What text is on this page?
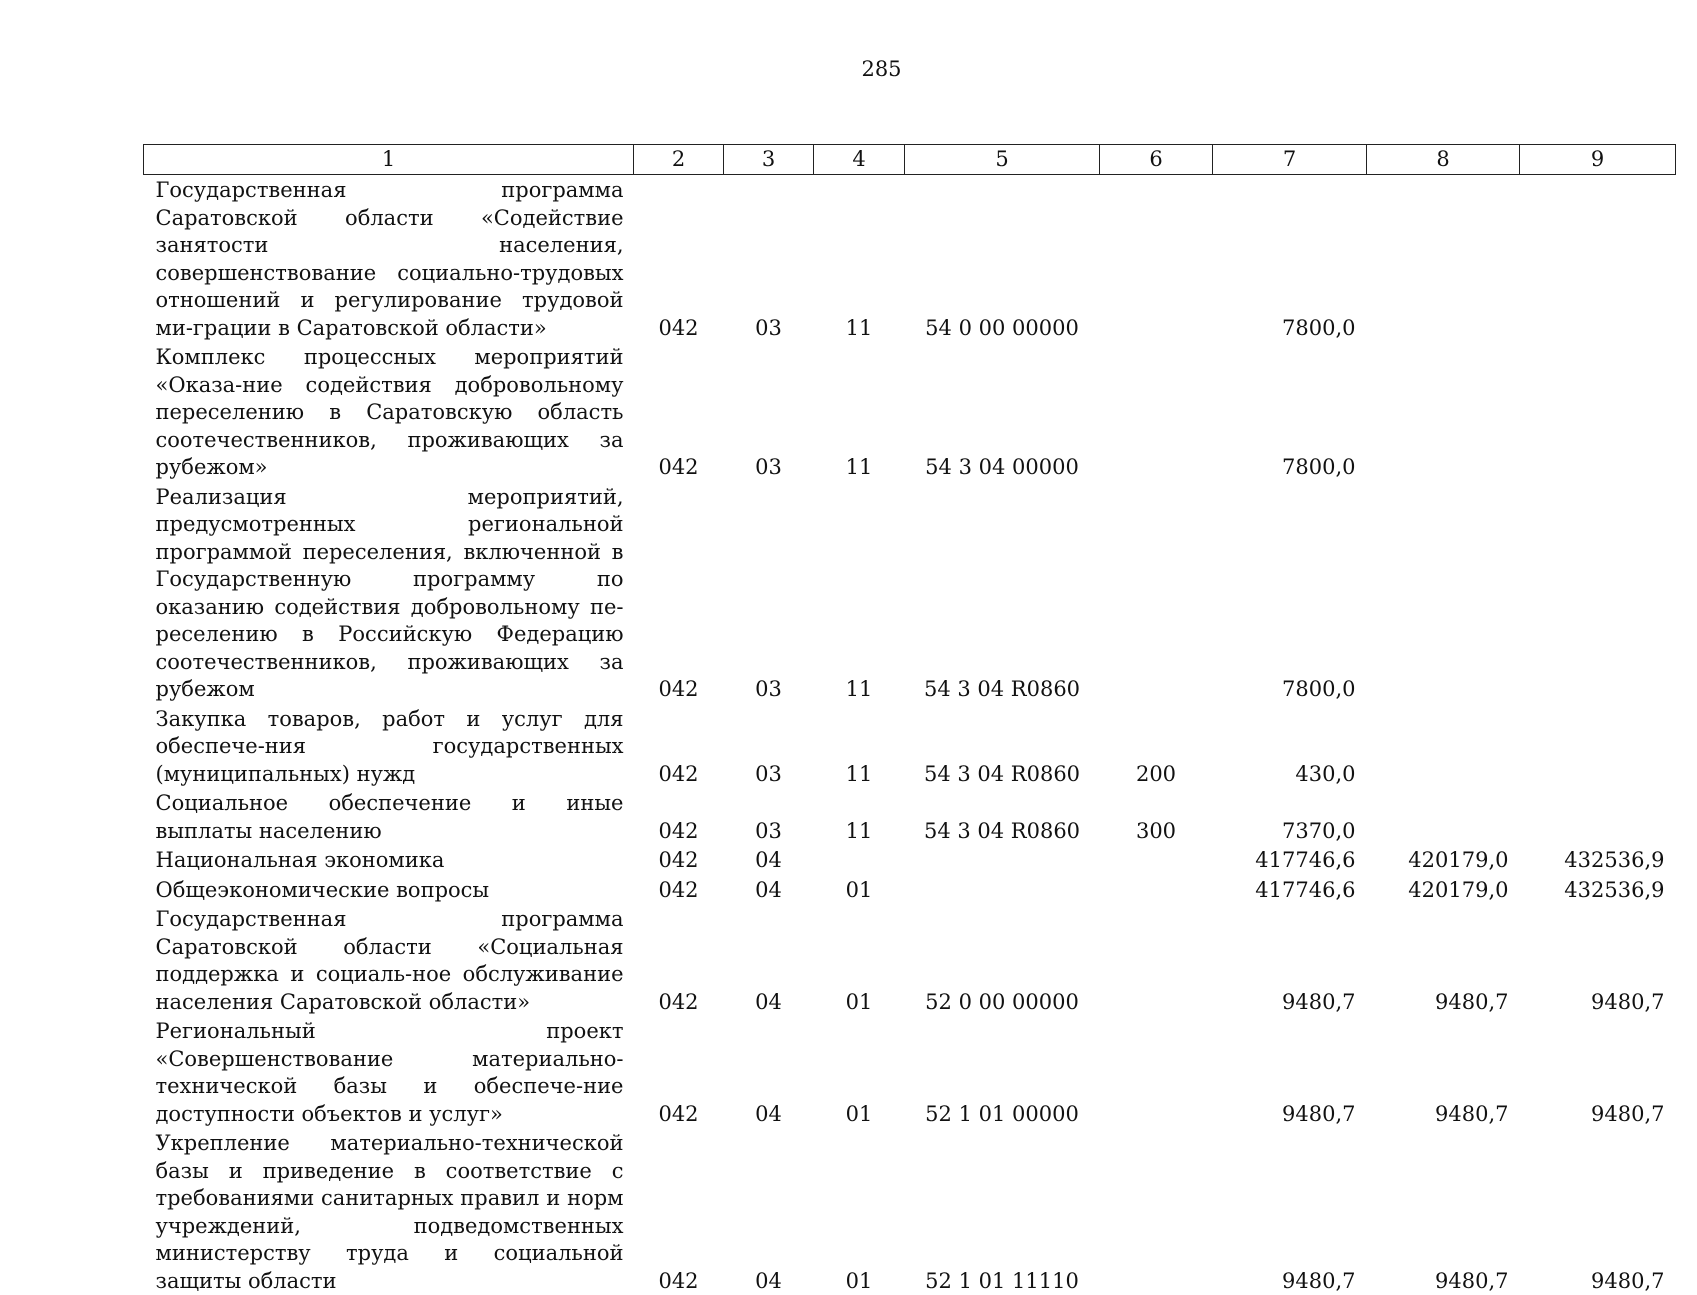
285
1	2	3	4	5	6	7	8	9
Государственная программа Саратовской области «Содействие занятости населения, совершенствование социально-трудовых отношений и регулирование трудовой ми-грации в Саратовской области»	042	03	11	54 0 00 00000		7800,0		
Комплекс процессных мероприятий «Оказа-ние содействия добровольному переселению в Саратовскую область соотечественников, проживающих за рубежом»	042	03	11	54 3 04 00000		7800,0		
Реализация мероприятий, предусмотренных региональной программой переселения, включенной в Государственную программу по оказанию содействия добровольному пе-реселению в Российскую Федерацию соотечественников, проживающих за рубежом	042	03	11	54 3 04 R0860		7800,0		
Закупка товаров, работ и услуг для обеспече-ния государственных (муниципальных) нужд	042	03	11	54 3 04 R0860	200	430,0		
Социальное обеспечение и иные выплаты населению	042	03	11	54 3 04 R0860	300	7370,0		
Национальная экономика	042	04				417746,6	420179,0	432536,9
Общеэкономические вопросы	042	04	01			417746,6	420179,0	432536,9
Государственная программа Саратовской области «Социальная поддержка и социаль-ное обслуживание населения Саратовской области»	042	04	01	52 0 00 00000		9480,7	9480,7	9480,7
Региональный проект «Совершенствование материально-технической базы и обеспече-ние доступности объектов и услуг»	042	04	01	52 1 01 00000		9480,7	9480,7	9480,7
Укрепление материально-технической базы и приведение в соответствие с требованиями санитарных правил и норм учреждений, подведомственных министерству труда и социальной защиты области	042	04	01	52 1 01 11110		9480,7	9480,7	9480,7
